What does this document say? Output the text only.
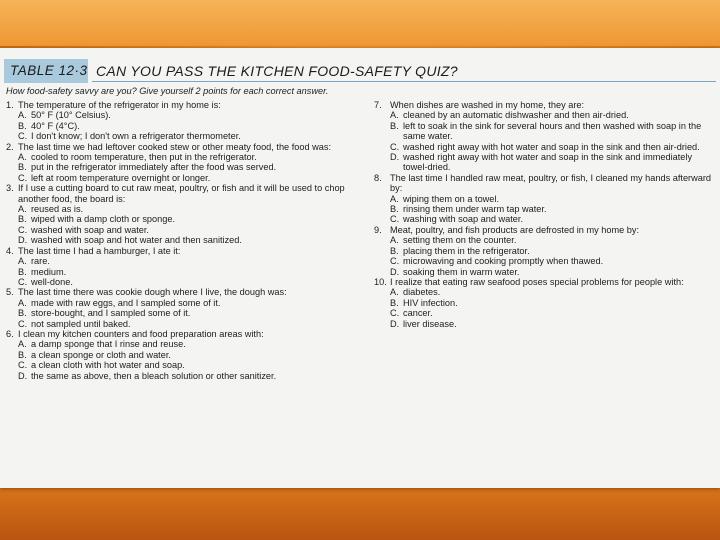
TABLE 12·3 CAN YOU PASS THE KITCHEN FOOD-SAFETY QUIZ?
How food-safety savvy are you? Give yourself 2 points for each correct answer.
1. The temperature of the refrigerator in my home is:
A. 50° F (10° Celsius).
B. 40° F (4°C).
C. I don't know; I don't own a refrigerator thermometer.
2. The last time we had leftover cooked stew or other meaty food, the food was:
A. cooled to room temperature, then put in the refrigerator.
B. put in the refrigerator immediately after the food was served.
C. left at room temperature overnight or longer.
3. If I use a cutting board to cut raw meat, poultry, or fish and it will be used to chop another food, the board is:
A. reused as is.
B. wiped with a damp cloth or sponge.
C. washed with soap and water.
D. washed with soap and hot water and then sanitized.
4. The last time I had a hamburger, I ate it:
A. rare.
B. medium.
C. well-done.
5. The last time there was cookie dough where I live, the dough was:
A. made with raw eggs, and I sampled some of it.
B. store-bought, and I sampled some of it.
C. not sampled until baked.
6. I clean my kitchen counters and food preparation areas with:
A. a damp sponge that I rinse and reuse.
B. a clean sponge or cloth and water.
C. a clean cloth with hot water and soap.
D. the same as above, then a bleach solution or other sanitizer.
7. When dishes are washed in my home, they are:
A. cleaned by an automatic dishwasher and then air-dried.
B. left to soak in the sink for several hours and then washed with soap in the same water.
C. washed right away with hot water and soap in the sink and then air-dried.
D. washed right away with hot water and soap in the sink and immediately towel-dried.
8. The last time I handled raw meat, poultry, or fish, I cleaned my hands afterward by:
A. wiping them on a towel.
B. rinsing them under warm tap water.
C. washing with soap and water.
9. Meat, poultry, and fish products are defrosted in my home by:
A. setting them on the counter.
B. placing them in the refrigerator.
C. microwaving and cooking promptly when thawed.
D. soaking them in warm water.
10. I realize that eating raw seafood poses special problems for people with:
A. diabetes.
B. HIV infection.
C. cancer.
D. liver disease.
